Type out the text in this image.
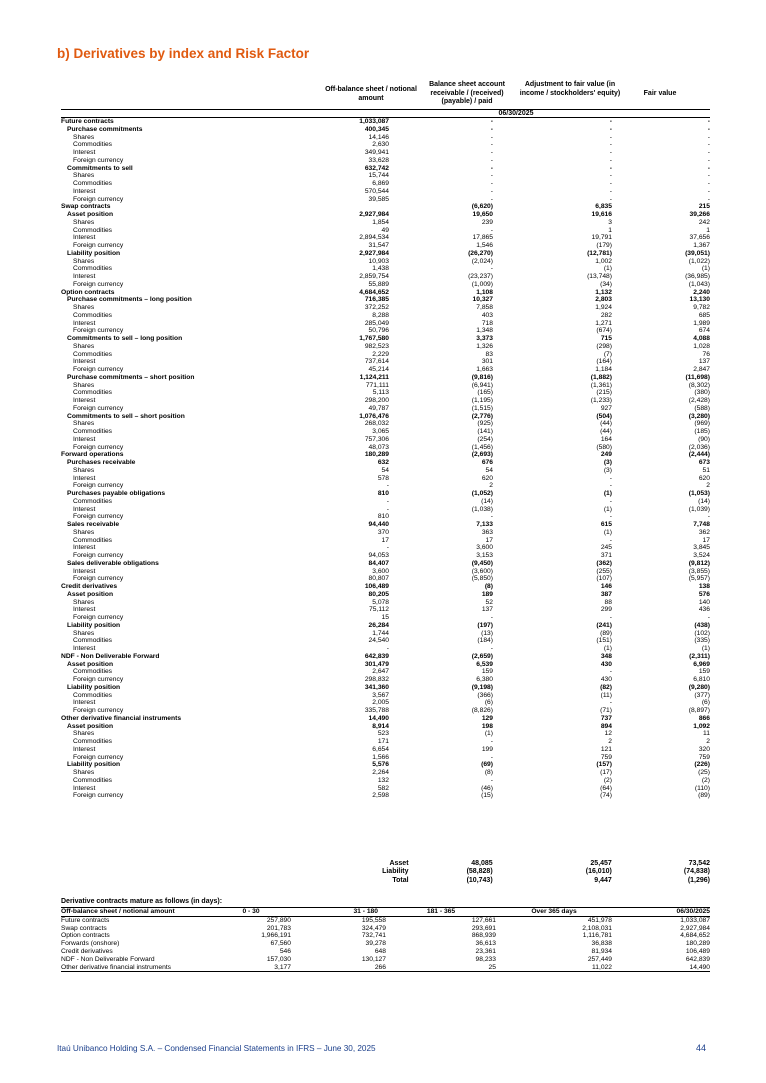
b) Derivatives by index and Risk Factor
Off-balance sheet / notional amount
Balance sheet account receivable / (received) (payable) / paid
Adjustment to fair value (in income / stockholders' equity)	Fair value
06/30/2025
Future contracts	1,033,087	-	-	-
Purchase commitments	400,345	-	-	-
Shares	14,146	-	-	-
Commodities	2,630	-	-	-
Interest	349,941	-	-	-
Foreign currency	33,628	-	-	-
Commitments to sell	632,742	-	-	-
Shares	15,744	-	-	-
Commodities	6,869	-	-	-
Interest	570,544	-	-	-
Foreign currency	39,585	-	-	-
Swap contracts		(6,620)	6,835	215
Asset position	2,927,984	19,650	19,616	39,266
Shares	1,854	239	3	242
Commodities	49	-	1	1
Interest	2,894,534	17,865	19,791	37,656
Foreign currency	31,547	1,546	(179)	1,367
Liability position	2,927,984	(26,270)	(12,781)	(39,051)
Shares	10,903	(2,024)	1,002	(1,022)
Commodities	1,438	-	(1)	(1)
Interest	2,859,754	(23,237)	(13,748)	(36,985)
Foreign currency	55,889	(1,009)	(34)	(1,043)
Option contracts	4,684,652	1,108	1,132	2,240
Purchase commitments – long position	716,385	10,327	2,803	13,130
Shares	372,252	7,858	1,924	9,782
Commodities	8,288	403	282	685
Interest	285,049	718	1,271	1,989
Foreign currency	50,796	1,348	(674)	674
Commitments to sell – long position	1,767,580	3,373	715	4,088
Shares	982,523	1,326	(298)	1,028
Commodities	2,229	83	(7)	76
Interest	737,614	301	(164)	137
Foreign currency	45,214	1,663	1,184	2,847
Purchase commitments – short position	1,124,211	(9,816)	(1,882)	(11,698)
Shares	771,111	(6,941)	(1,361)	(8,302)
Commodities	5,113	(165)	(215)	(380)
Interest	298,200	(1,195)	(1,233)	(2,428)
Foreign currency	49,787	(1,515)	927	(588)
Commitments to sell – short position	1,076,476	(2,776)	(504)	(3,280)
Shares	268,032	(925)	(44)	(969)
Commodities	3,065	(141)	(44)	(185)
Interest	757,306	(254)	164	(90)
Foreign currency	48,073	(1,456)	(580)	(2,036)
Forward operations	180,289	(2,693)	249	(2,444)
Purchases receivable	632	676	(3)	673
Shares	54	54	(3)	51
Interest	578	620	-	620
Foreign currency	-	2	-	2
Purchases payable obligations	810	(1,052)	(1)	(1,053)
Commodities	-	(14)	-	(14)
Interest	-	(1,038)	(1)	(1,039)
Foreign currency	810	-	-	-
Sales receivable	94,440	7,133	615	7,748
Shares	370	363	(1)	362
Commodities	17	17	-	17
Interest	-	3,600	245	3,845
Foreign currency	94,053	3,153	371	3,524
Sales deliverable obligations	84,407	(9,450)	(362)	(9,812)
Interest	3,600	(3,600)	(255)	(3,855)
Foreign currency	80,807	(5,850)	(107)	(5,957)
Credit derivatives	106,489	(8)	146	138
Asset position	80,205	189	387	576
Shares	5,078	52	88	140
Interest	75,112	137	299	436
Foreign currency	15	-	-	-
Liability position	26,284	(197)	(241)	(438)
Shares	1,744	(13)	(89)	(102)
Commodities	24,540	(184)	(151)	(335)
Interest	-	-	(1)	(1)
NDF - Non Deliverable Forward	642,839	(2,659)	348	(2,311)
Asset position	301,479	6,539	430	6,969
Commodities	2,647	159	-	159
Foreign currency	298,832	6,380	430	6,810
Liability position	341,360	(9,198)	(82)	(9,280)
Commodities	3,567	(366)	(11)	(377)
Interest	2,005	(6)	-	(6)
Foreign currency	335,788	(8,826)	(71)	(8,897)
Other derivative financial instruments	14,490	129	737	866
Asset position	8,914	198	894	1,092
Shares	523	(1)	12	11
Commodities	171	-	2	2
Interest	6,654	199	121	320
Foreign currency	1,566	-	759	759
Liability position	5,576	(69)	(157)	(226)
Shares	2,264	(8)	(17)	(25)
Commodities	132	-	(2)	(2)
Interest	582	(46)	(64)	(110)
Foreign currency	2,598	(15)	(74)	(89)
Asset	48,085	25,457	73,542
Liability	(58,828)	(16,010)	(74,838)
Total	(10,743)	9,447	(1,296)
Derivative contracts mature as follows (in days):
Off-balance sheet / notional amount	0 - 30	31 - 180	181 - 365	Over 365 days	06/30/2025
Future contracts	257,890	195,558	127,661	451,978	1,033,087
Swap contracts	201,783	324,479	293,691	2,108,031	2,927,984
Option contracts	1,966,191	732,741	868,939	1,116,781	4,684,652
Forwards (onshore)	67,560	39,278	36,613	36,838	180,289
Credit derivatives	546	648	23,361	81,934	106,489
NDF - Non Deliverable Forward	157,030	130,127	98,233	257,449	642,839
Other derivative financial instruments	3,177	266	25	11,022	14,490
Itaú Unibanco Holding S.A. – Condensed Financial Statements in IFRS – June 30, 2025	44
